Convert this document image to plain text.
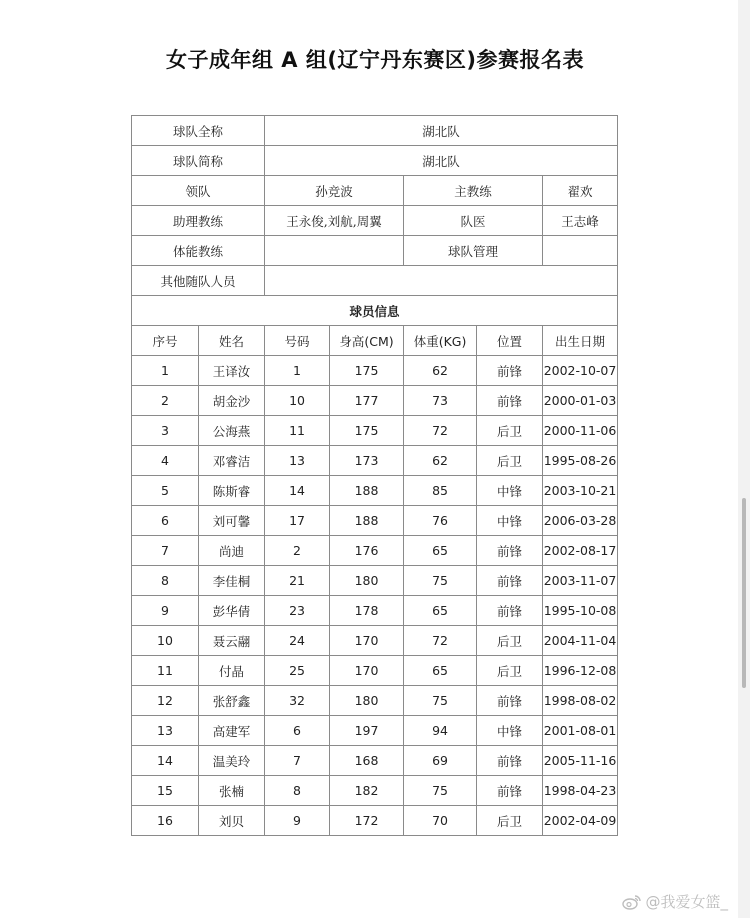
女子成年组 A 组(辽宁丹东赛区)参赛报名表
球队全称		湖北队				
球队简称		湖北队				
领队		孙竞波		主教练		翟欢
助理教练		王永俊,刘航,周翼		队医		王志峰
体能教练				球队管理		
其他随队人员						
球员信息						
序号	姓名	号码	身高(CM)	体重(KG)	位置	出生日期
1	王译汝	1	175	62	前锋	2002-10-07
2	胡金沙	10	177	73	前锋	2000-01-03
3	公海燕	11	175	72	后卫	2000-11-06
4	邓睿洁	13	173	62	后卫	1995-08-26
5	陈斯睿	14	188	85	中锋	2003-10-21
6	刘可馨	17	188	76	中锋	2006-03-28
7	尚迪	2	176	65	前锋	2002-08-17
8	李佳桐	21	180	75	前锋	2003-11-07
9	彭华倩	23	178	65	前锋	1995-10-08
10	聂云翮	24	170	72	后卫	2004-11-04
11	付晶	25	170	65	后卫	1996-12-08
12	张舒鑫	32	180	75	前锋	1998-08-02
13	高建军	6	197	94	中锋	2001-08-01
14	温美玲	7	168	69	前锋	2005-11-16
15	张楠	8	182	75	前锋	1998-04-23
16	刘贝	9	172	70	后卫	2002-04-09
@我爱女篮_
